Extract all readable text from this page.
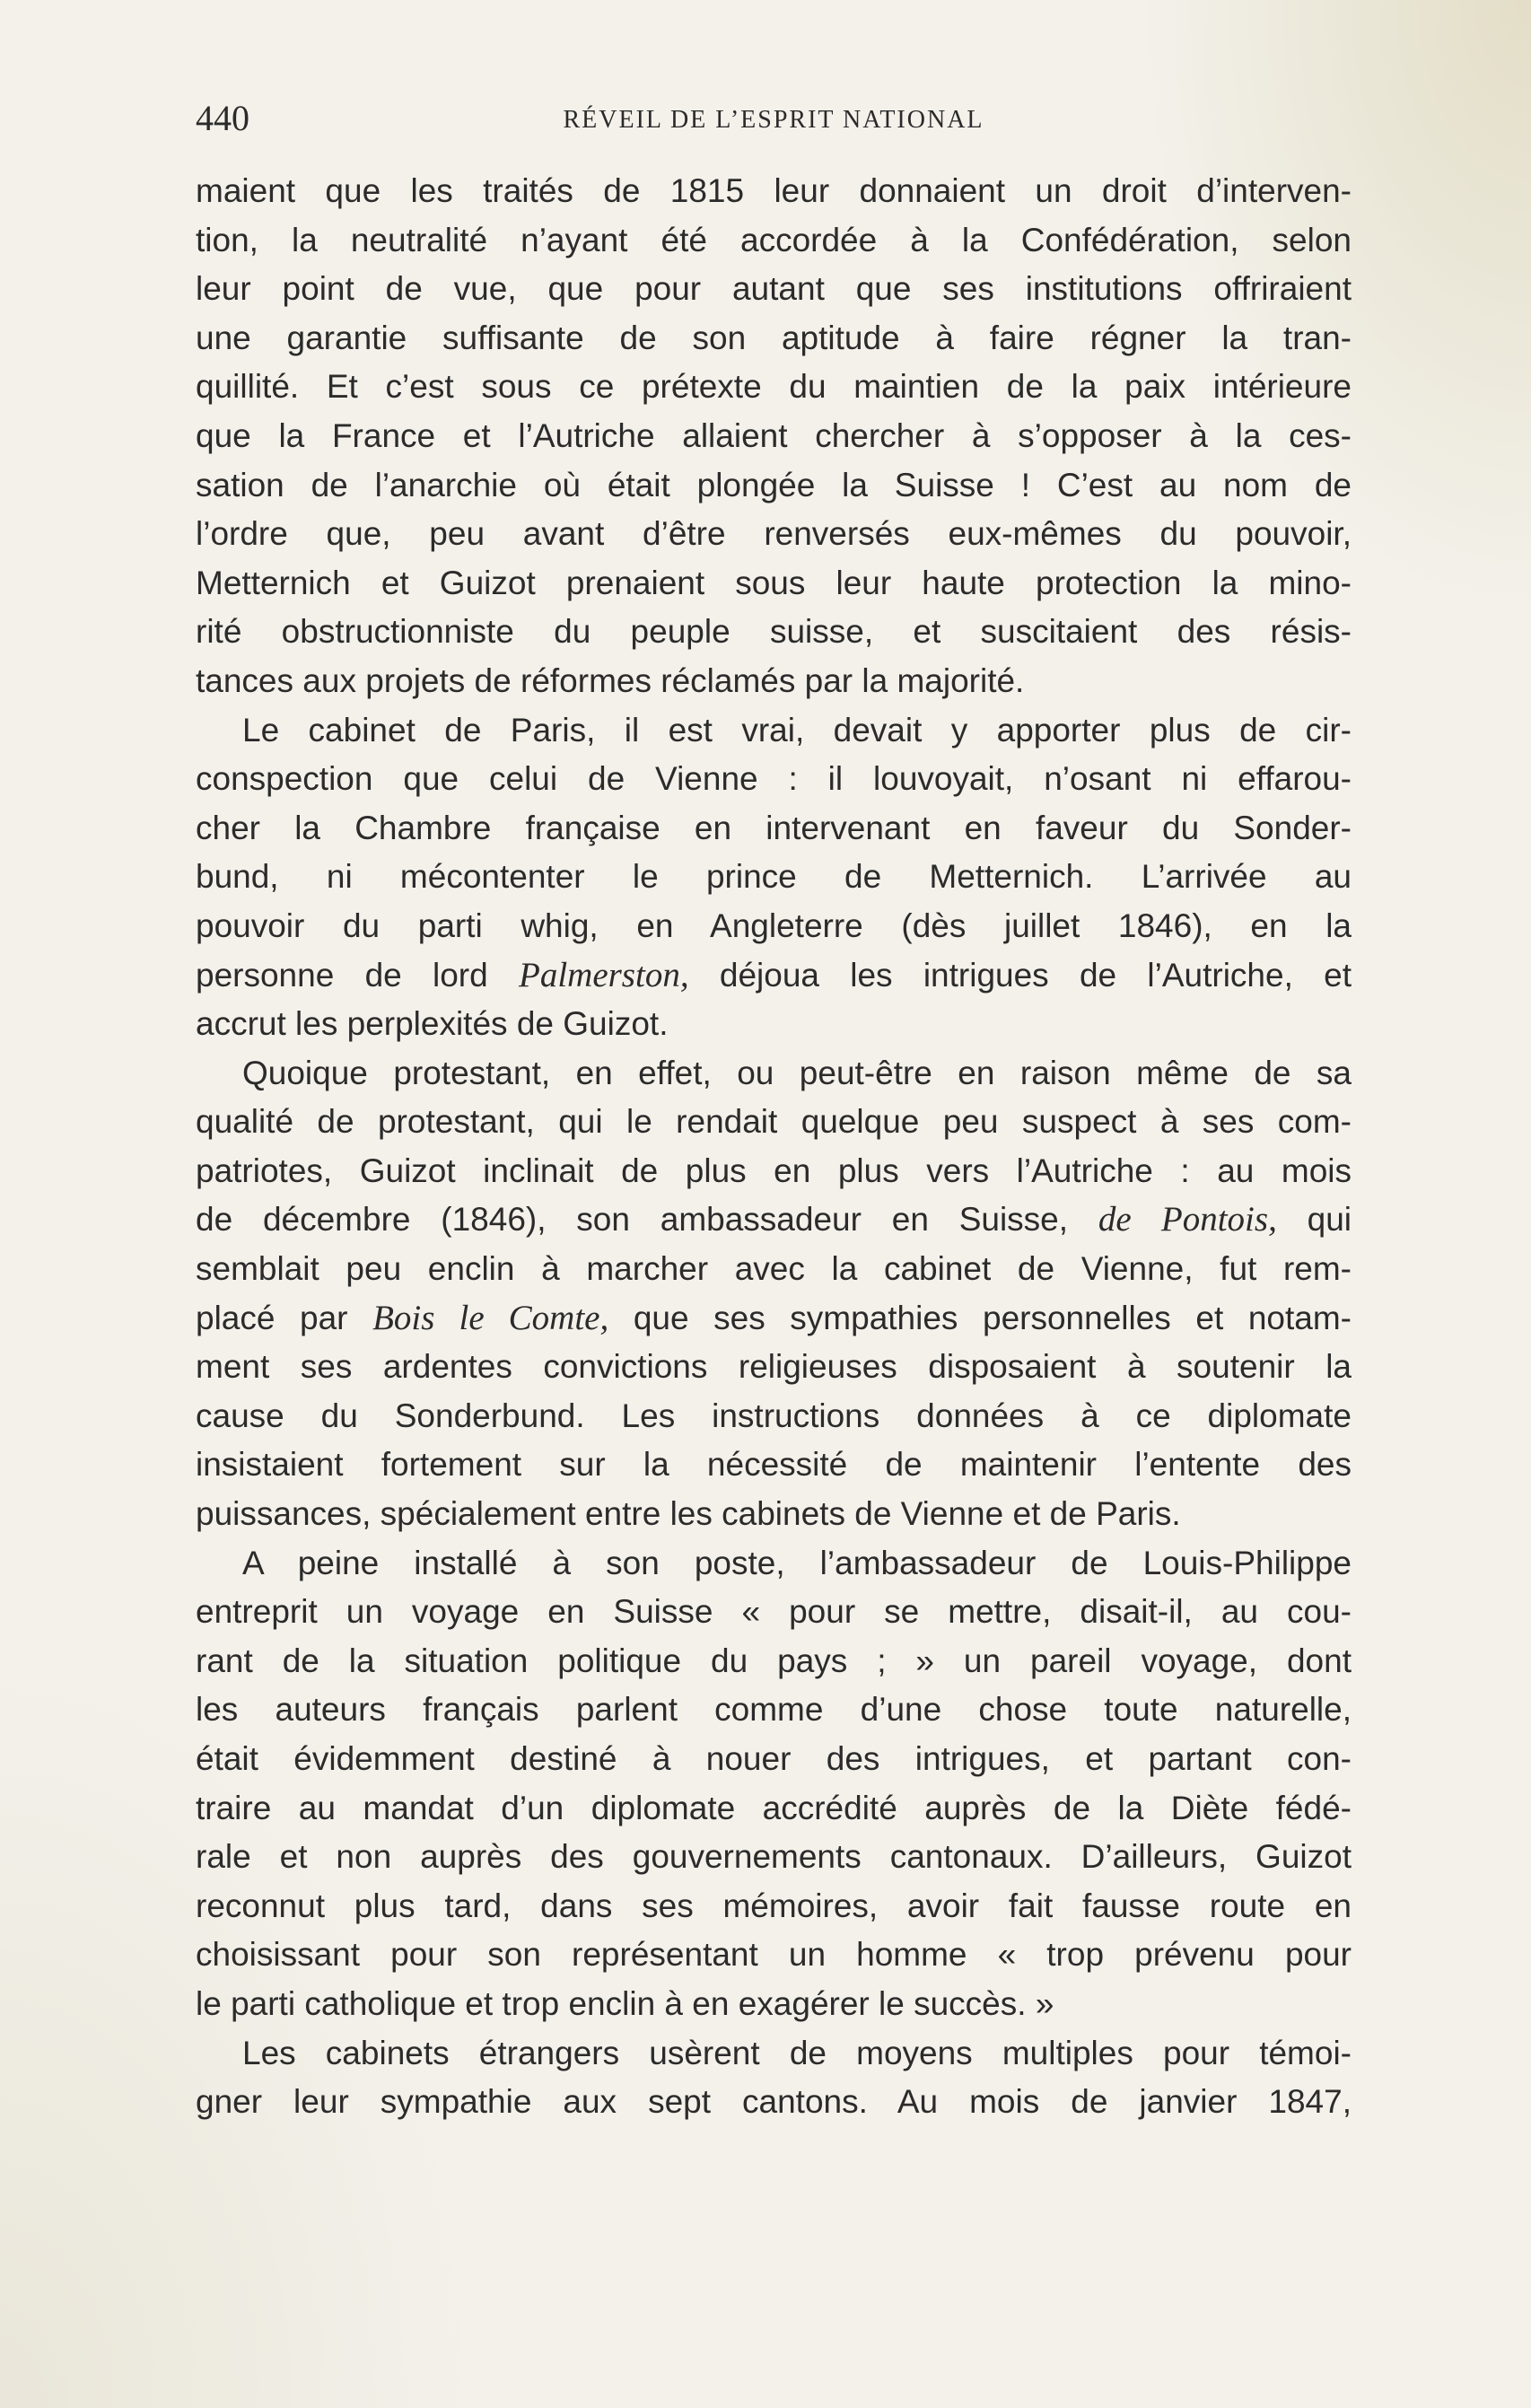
440	RÉVEIL DE L’ESPRIT NATIONAL
maient que les traités de 1815 leur donnaient un droit d’interven-
tion, la neutralité n’ayant été accordée à la Confédération, selon
leur point de vue, que pour autant que ses institutions offriraient
une garantie suffisante de son aptitude à faire régner la tran-
quillité. Et c’est sous ce prétexte du maintien de la paix intérieure
que la France et l’Autriche allaient chercher à s’opposer à la ces-
sation de l’anarchie où était plongée la Suisse ! C’est au nom de
l’ordre que, peu avant d’être renversés eux-mêmes du pouvoir,
Metternich et Guizot prenaient sous leur haute protection la mino-
rité obstructionniste du peuple suisse, et suscitaient des résis-
tances aux projets de réformes réclamés par la majorité.
Le cabinet de Paris, il est vrai, devait y apporter plus de cir-
conspection que celui de Vienne : il louvoyait, n’osant ni effarou-
cher la Chambre française en intervenant en faveur du Sonder-
bund, ni mécontenter le prince de Metternich. L’arrivée au
pouvoir du parti whig, en Angleterre (dès juillet 1846), en la
personne de lord Palmerston, déjoua les intrigues de l’Autriche, et
accrut les perplexités de Guizot.
Quoique protestant, en effet, ou peut-être en raison même de sa
qualité de protestant, qui le rendait quelque peu suspect à ses com-
patriotes, Guizot inclinait de plus en plus vers l’Autriche : au mois
de décembre (1846), son ambassadeur en Suisse, de Pontois, qui
semblait peu enclin à marcher avec la cabinet de Vienne, fut rem-
placé par Bois le Comte, que ses sympathies personnelles et notam-
ment ses ardentes convictions religieuses disposaient à soutenir la
cause du Sonderbund. Les instructions données à ce diplomate
insistaient fortement sur la nécessité de maintenir l’entente des
puissances, spécialement entre les cabinets de Vienne et de Paris.
A peine installé à son poste, l’ambassadeur de Louis-Philippe
entreprit un voyage en Suisse « pour se mettre, disait-il, au cou-
rant de la situation politique du pays ; » un pareil voyage, dont
les auteurs français parlent comme d’une chose toute naturelle,
était évidemment destiné à nouer des intrigues, et partant con-
traire au mandat d’un diplomate accrédité auprès de la Diète fédé-
rale et non auprès des gouvernements cantonaux. D’ailleurs, Guizot
reconnut plus tard, dans ses mémoires, avoir fait fausse route en
choisissant pour son représentant un homme « trop prévenu pour
le parti catholique et trop enclin à en exagérer le succès. »
Les cabinets étrangers usèrent de moyens multiples pour témoi-
gner leur sympathie aux sept cantons. Au mois de janvier 1847,
